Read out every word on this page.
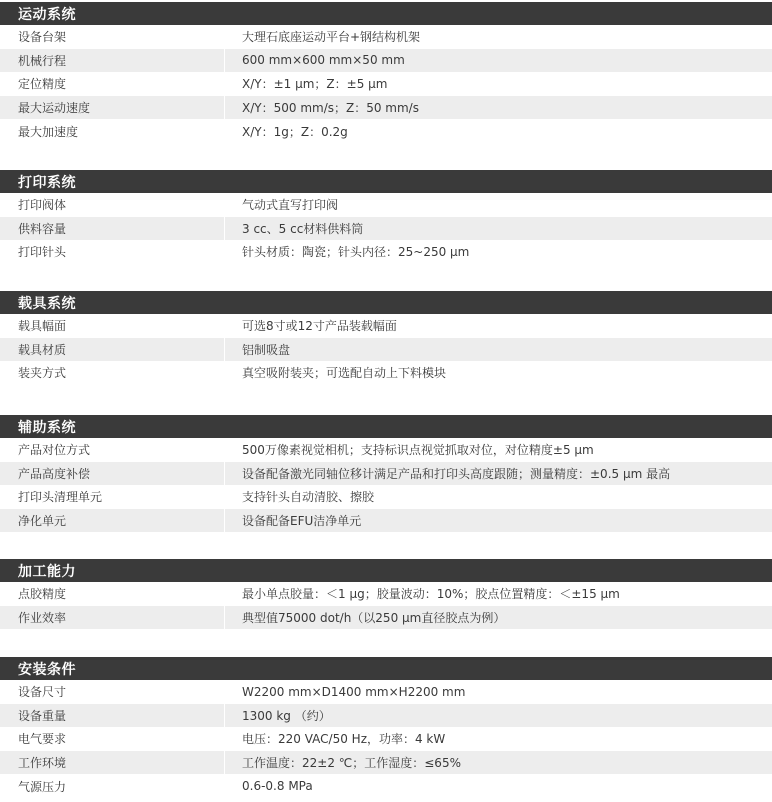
运动系统
设备台架	大理石底座运动平台+钢结构机架
机械行程	600 mm×600 mm×50 mm
定位精度	X/Y：±1 μm；Z：±5 μm
最大运动速度	X/Y：500 mm/s；Z：50 mm/s
最大加速度	X/Y：1g；Z：0.2g
打印系统
打印阀体	气动式直写打印阀
供料容量	3 cc、5 cc材料供料筒
打印针头	针头材质：陶瓷；针头内径：25~250 μm
载具系统
载具幅面	可选8寸或12寸产品装载幅面
载具材质	铝制吸盘
装夹方式	真空吸附装夹；可选配自动上下料模块
辅助系统
产品对位方式	500万像素视觉相机；支持标识点视觉抓取对位，对位精度±5 μm
产品高度补偿	设备配备激光同轴位移计满足产品和打印头高度跟随；测量精度：±0.5 μm 最高
打印头清理单元	支持针头自动清胶、擦胶
净化单元	设备配备EFU洁净单元
加工能力
点胶精度	最小单点胶量：＜1 μg；胶量波动：10%；胶点位置精度：＜±15 μm
作业效率	典型值75000 dot/h（以250 μm直径胶点为例）
安装条件
设备尺寸	W2200 mm×D1400 mm×H2200 mm
设备重量	1300 kg （约）
电气要求	电压：220 VAC/50 Hz，功率：4 kW
工作环境	工作温度：22±2 ℃；工作湿度：≤65%
气源压力	0.6-0.8 MPa
